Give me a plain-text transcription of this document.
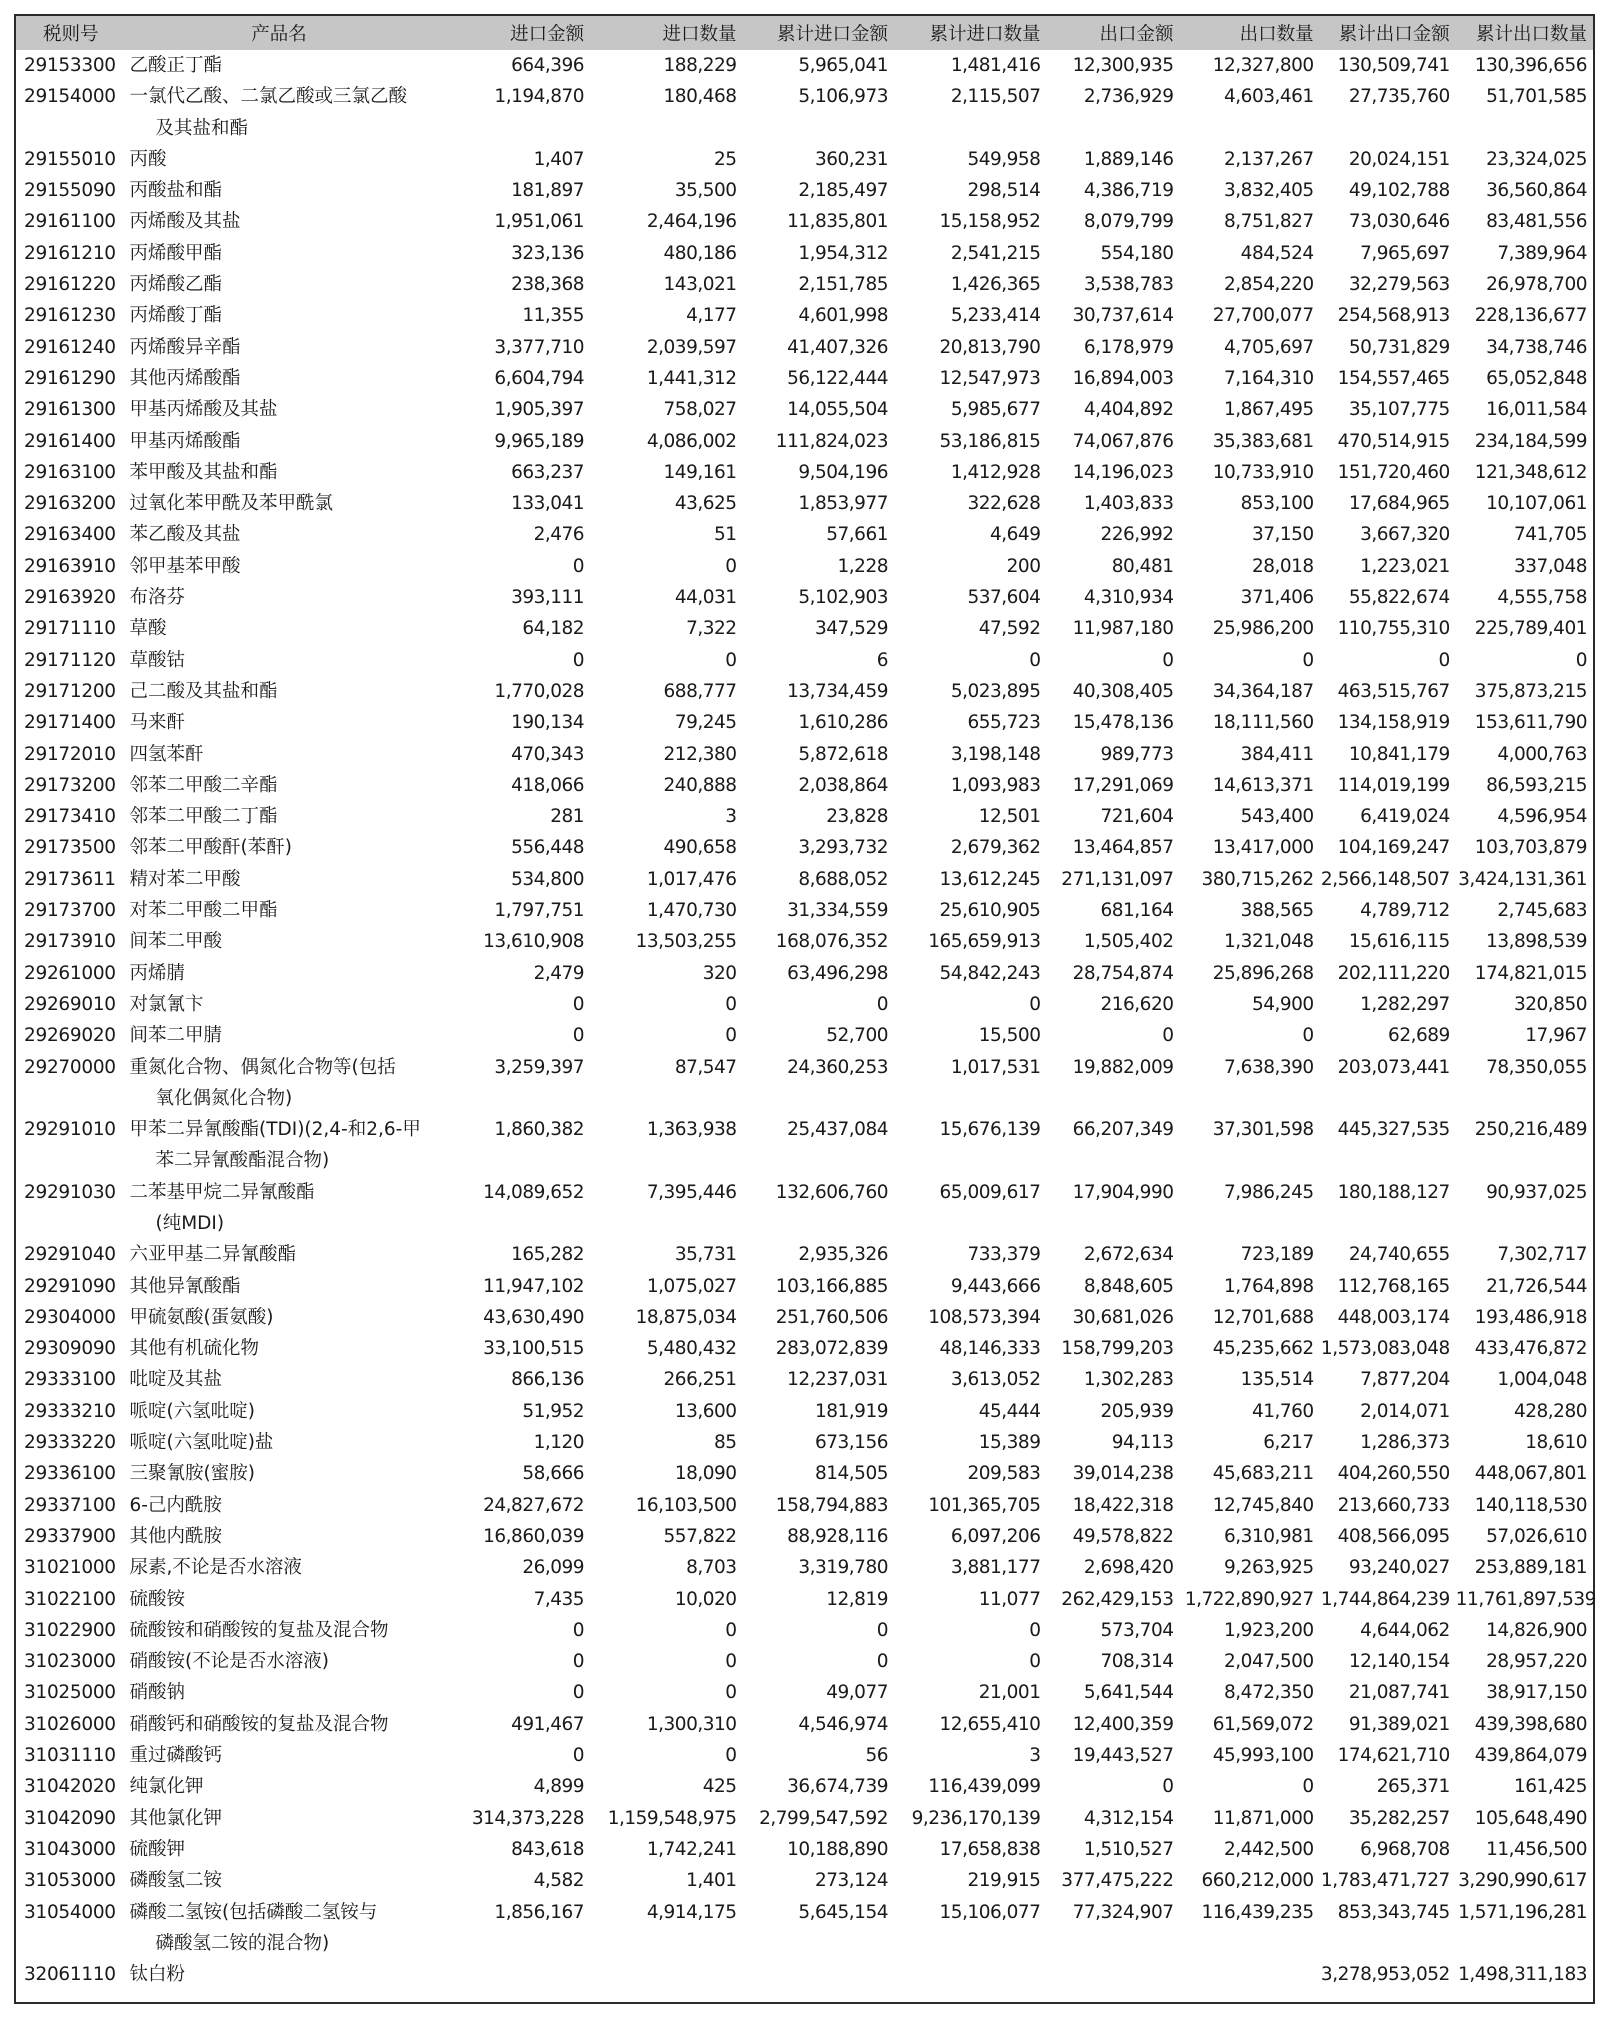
税则号	产品名	进口金额	进口数量	累计进口金额	累计进口数量	出口金额	出口数量	累计出口金额	累计出口数量
29153300	乙酸正丁酯	664,396	188,229	5,965,041	1,481,416	12,300,935	12,327,800	130,509,741	130,396,656
29154000	一氯代乙酸、二氯乙酸或三氯乙酸
及其盐和酯	1,194,870	180,468	5,106,973	2,115,507	2,736,929	4,603,461	27,735,760	51,701,585
29155010	丙酸	1,407	25	360,231	549,958	1,889,146	2,137,267	20,024,151	23,324,025
29155090	丙酸盐和酯	181,897	35,500	2,185,497	298,514	4,386,719	3,832,405	49,102,788	36,560,864
29161100	丙烯酸及其盐	1,951,061	2,464,196	11,835,801	15,158,952	8,079,799	8,751,827	73,030,646	83,481,556
29161210	丙烯酸甲酯	323,136	480,186	1,954,312	2,541,215	554,180	484,524	7,965,697	7,389,964
29161220	丙烯酸乙酯	238,368	143,021	2,151,785	1,426,365	3,538,783	2,854,220	32,279,563	26,978,700
29161230	丙烯酸丁酯	11,355	4,177	4,601,998	5,233,414	30,737,614	27,700,077	254,568,913	228,136,677
29161240	丙烯酸异辛酯	3,377,710	2,039,597	41,407,326	20,813,790	6,178,979	4,705,697	50,731,829	34,738,746
29161290	其他丙烯酸酯	6,604,794	1,441,312	56,122,444	12,547,973	16,894,003	7,164,310	154,557,465	65,052,848
29161300	甲基丙烯酸及其盐	1,905,397	758,027	14,055,504	5,985,677	4,404,892	1,867,495	35,107,775	16,011,584
29161400	甲基丙烯酸酯	9,965,189	4,086,002	111,824,023	53,186,815	74,067,876	35,383,681	470,514,915	234,184,599
29163100	苯甲酸及其盐和酯	663,237	149,161	9,504,196	1,412,928	14,196,023	10,733,910	151,720,460	121,348,612
29163200	过氧化苯甲酰及苯甲酰氯	133,041	43,625	1,853,977	322,628	1,403,833	853,100	17,684,965	10,107,061
29163400	苯乙酸及其盐	2,476	51	57,661	4,649	226,992	37,150	3,667,320	741,705
29163910	邻甲基苯甲酸	0	0	1,228	200	80,481	28,018	1,223,021	337,048
29163920	布洛芬	393,111	44,031	5,102,903	537,604	4,310,934	371,406	55,822,674	4,555,758
29171110	草酸	64,182	7,322	347,529	47,592	11,987,180	25,986,200	110,755,310	225,789,401
29171120	草酸钴	0	0	6	0	0	0	0	0
29171200	己二酸及其盐和酯	1,770,028	688,777	13,734,459	5,023,895	40,308,405	34,364,187	463,515,767	375,873,215
29171400	马来酐	190,134	79,245	1,610,286	655,723	15,478,136	18,111,560	134,158,919	153,611,790
29172010	四氢苯酐	470,343	212,380	5,872,618	3,198,148	989,773	384,411	10,841,179	4,000,763
29173200	邻苯二甲酸二辛酯	418,066	240,888	2,038,864	1,093,983	17,291,069	14,613,371	114,019,199	86,593,215
29173410	邻苯二甲酸二丁酯	281	3	23,828	12,501	721,604	543,400	6,419,024	4,596,954
29173500	邻苯二甲酸酐(苯酐)	556,448	490,658	3,293,732	2,679,362	13,464,857	13,417,000	104,169,247	103,703,879
29173611	精对苯二甲酸	534,800	1,017,476	8,688,052	13,612,245	271,131,097	380,715,262	2,566,148,507	3,424,131,361
29173700	对苯二甲酸二甲酯	1,797,751	1,470,730	31,334,559	25,610,905	681,164	388,565	4,789,712	2,745,683
29173910	间苯二甲酸	13,610,908	13,503,255	168,076,352	165,659,913	1,505,402	1,321,048	15,616,115	13,898,539
29261000	丙烯腈	2,479	320	63,496,298	54,842,243	28,754,874	25,896,268	202,111,220	174,821,015
29269010	对氯氰卞	0	0	0	0	216,620	54,900	1,282,297	320,850
29269020	间苯二甲腈	0	0	52,700	15,500	0	0	62,689	17,967
29270000	重氮化合物、偶氮化合物等(包括
氧化偶氮化合物)	3,259,397	87,547	24,360,253	1,017,531	19,882,009	7,638,390	203,073,441	78,350,055
29291010	甲苯二异氰酸酯(TDI)(2,4-和2,6-甲
苯二异氰酸酯混合物)	1,860,382	1,363,938	25,437,084	15,676,139	66,207,349	37,301,598	445,327,535	250,216,489
29291030	二苯基甲烷二异氰酸酯
(纯MDI)	14,089,652	7,395,446	132,606,760	65,009,617	17,904,990	7,986,245	180,188,127	90,937,025
29291040	六亚甲基二异氰酸酯	165,282	35,731	2,935,326	733,379	2,672,634	723,189	24,740,655	7,302,717
29291090	其他异氰酸酯	11,947,102	1,075,027	103,166,885	9,443,666	8,848,605	1,764,898	112,768,165	21,726,544
29304000	甲硫氨酸(蛋氨酸)	43,630,490	18,875,034	251,760,506	108,573,394	30,681,026	12,701,688	448,003,174	193,486,918
29309090	其他有机硫化物	33,100,515	5,480,432	283,072,839	48,146,333	158,799,203	45,235,662	1,573,083,048	433,476,872
29333100	吡啶及其盐	866,136	266,251	12,237,031	3,613,052	1,302,283	135,514	7,877,204	1,004,048
29333210	哌啶(六氢吡啶)	51,952	13,600	181,919	45,444	205,939	41,760	2,014,071	428,280
29333220	哌啶(六氢吡啶)盐	1,120	85	673,156	15,389	94,113	6,217	1,286,373	18,610
29336100	三聚氰胺(蜜胺)	58,666	18,090	814,505	209,583	39,014,238	45,683,211	404,260,550	448,067,801
29337100	6-己内酰胺	24,827,672	16,103,500	158,794,883	101,365,705	18,422,318	12,745,840	213,660,733	140,118,530
29337900	其他内酰胺	16,860,039	557,822	88,928,116	6,097,206	49,578,822	6,310,981	408,566,095	57,026,610
31021000	尿素,不论是否水溶液	26,099	8,703	3,319,780	3,881,177	2,698,420	9,263,925	93,240,027	253,889,181
31022100	硫酸铵	7,435	10,020	12,819	11,077	262,429,153	1,722,890,927	1,744,864,239	11,761,897,539
31022900	硫酸铵和硝酸铵的复盐及混合物	0	0	0	0	573,704	1,923,200	4,644,062	14,826,900
31023000	硝酸铵(不论是否水溶液)	0	0	0	0	708,314	2,047,500	12,140,154	28,957,220
31025000	硝酸钠	0	0	49,077	21,001	5,641,544	8,472,350	21,087,741	38,917,150
31026000	硝酸钙和硝酸铵的复盐及混合物	491,467	1,300,310	4,546,974	12,655,410	12,400,359	61,569,072	91,389,021	439,398,680
31031110	重过磷酸钙	0	0	56	3	19,443,527	45,993,100	174,621,710	439,864,079
31042020	纯氯化钾	4,899	425	36,674,739	116,439,099	0	0	265,371	161,425
31042090	其他氯化钾	314,373,228	1,159,548,975	2,799,547,592	9,236,170,139	4,312,154	11,871,000	35,282,257	105,648,490
31043000	硫酸钾	843,618	1,742,241	10,188,890	17,658,838	1,510,527	2,442,500	6,968,708	11,456,500
31053000	磷酸氢二铵	4,582	1,401	273,124	219,915	377,475,222	660,212,000	1,783,471,727	3,290,990,617
31054000	磷酸二氢铵(包括磷酸二氢铵与
磷酸氢二铵的混合物)	1,856,167	4,914,175	5,645,154	15,106,077	77,324,907	116,439,235	853,343,745	1,571,196,281
32061110	钛白粉							3,278,953,052	1,498,311,183
